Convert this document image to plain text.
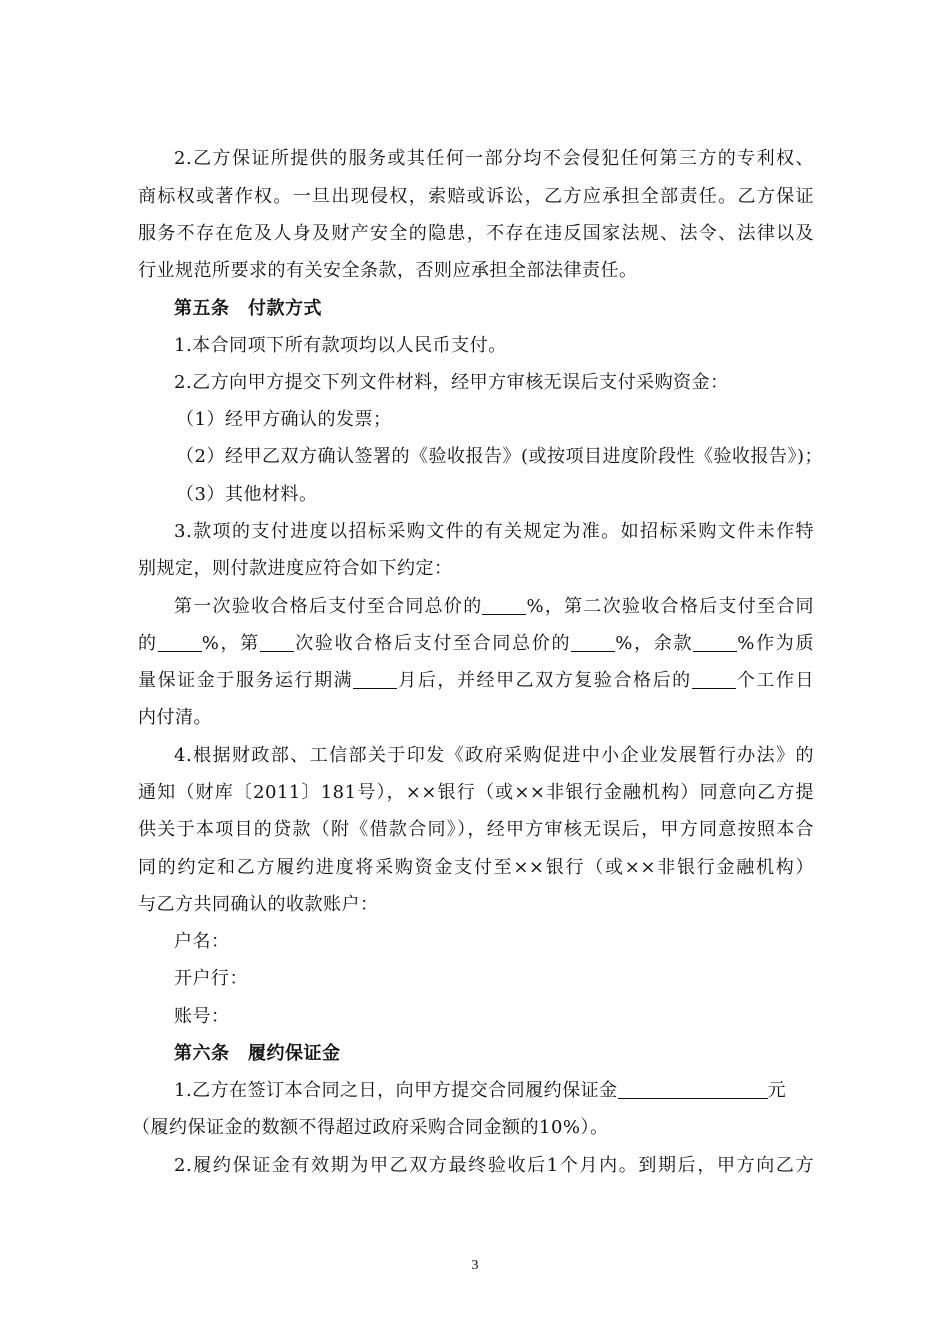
2.乙方保证所提供的服务或其任何一部分均不会侵犯任何第三方的专利权、
商标权或著作权。一旦出现侵权，索赔或诉讼，乙方应承担全部责任。乙方保证
服务不存在危及人身及财产安全的隐患，不存在违反国家法规、法令、法律以及
行业规范所要求的有关安全条款，否则应承担全部法律责任。
第五条　付款方式
1.本合同项下所有款项均以人民币支付。
2.乙方向甲方提交下列文件材料，经甲方审核无误后支付采购资金：
（1）经甲方确认的发票；
（2）经甲乙双方确认签署的《验收报告》(或按项目进度阶段性《验收报告》)；
（3）其他材料。
3.款项的支付进度以招标采购文件的有关规定为准。如招标采购文件未作特
别规定，则付款进度应符合如下约定：
第一次验收合格后支付至合同总价的 %，第二次验收合格后支付至合同
的 %，第 次验收合格后支付至合同总价的 %，余款 %作为质
量保证金于服务运行期满 月后，并经甲乙双方复验合格后的 个工作日
内付清。
4.根据财政部、工信部关于印发《政府采购促进中小企业发展暂行办法》的
通知（财库〔2011〕181号），××银行（或××非银行金融机构）同意向乙方提
供关于本项目的贷款（附《借款合同》），经甲方审核无误后，甲方同意按照本合
同的约定和乙方履约进度将采购资金支付至××银行（或××非银行金融机构）
与乙方共同确认的收款账户：
户名：
开户行：
账号：
第六条　履约保证金
1.乙方在签订本合同之日，向甲方提交合同履约保证金	元
（履约保证金的数额不得超过政府采购合同金额的10%）。
2.履约保证金有效期为甲乙双方最终验收后1个月内。到期后，甲方向乙方
3
